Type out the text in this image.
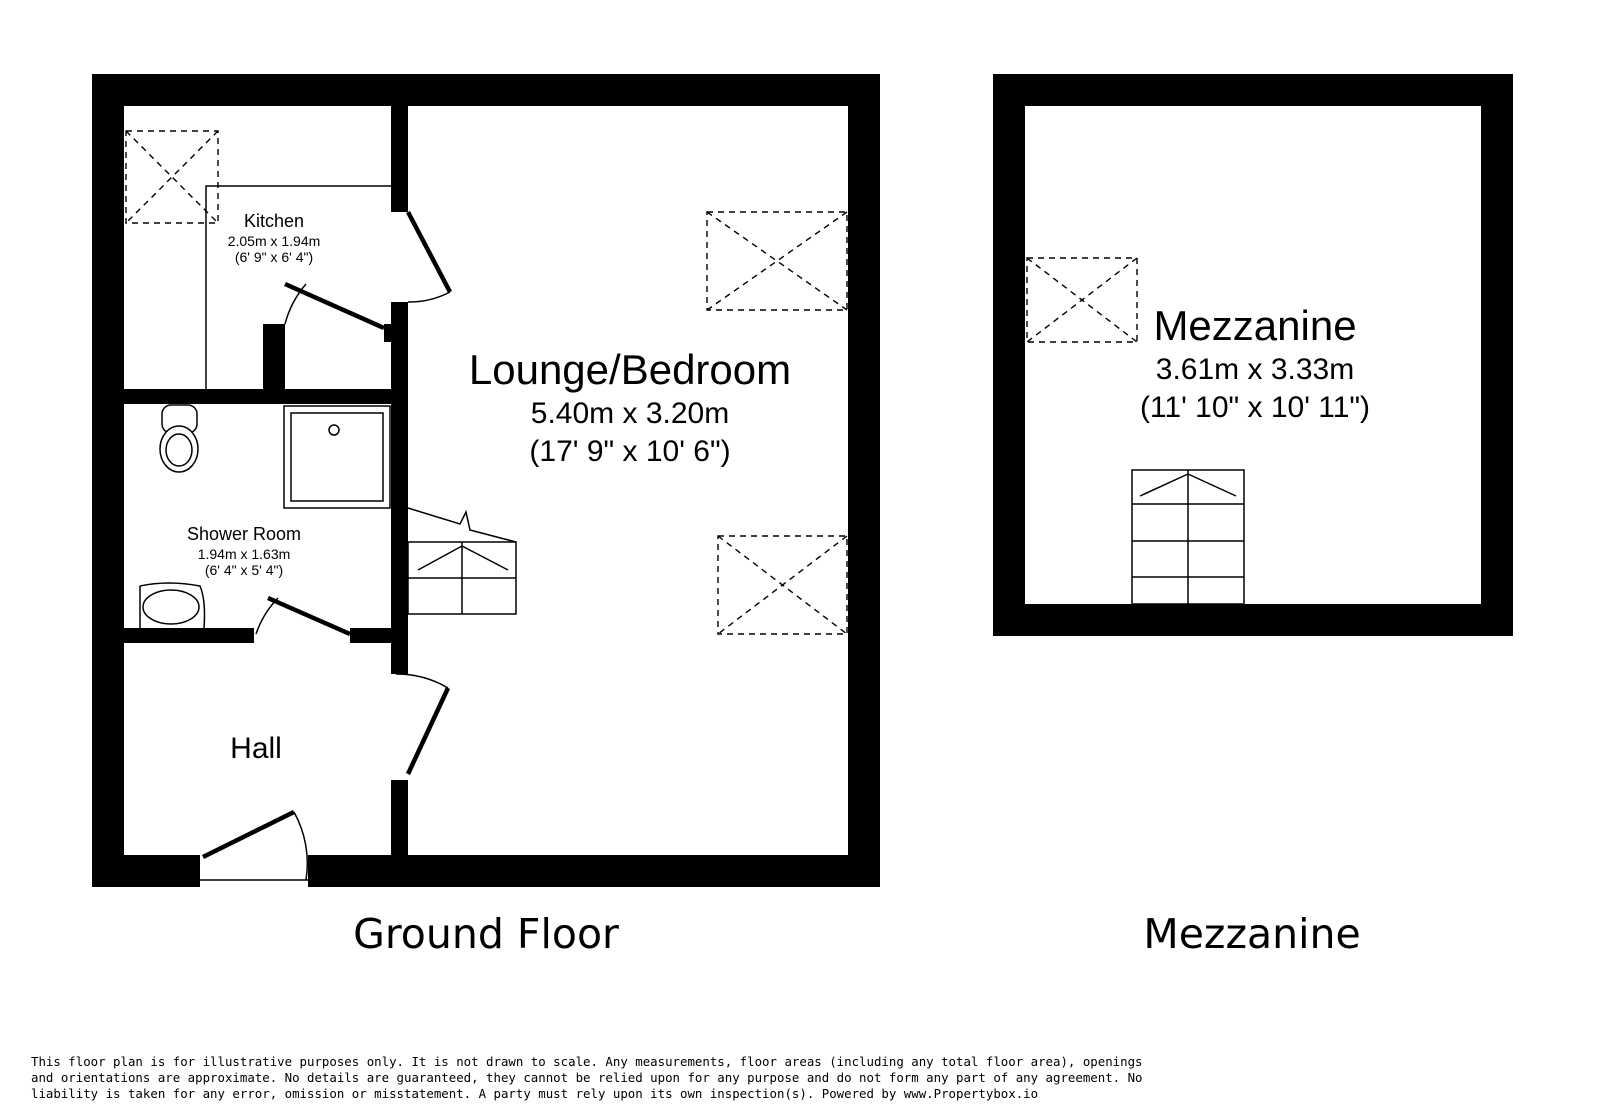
Kitchen
2.05m x 1.94m
(6' 9" x 6' 4")
Lounge/Bedroom
5.40m x 3.20m
(17' 9" x 10' 6")
Shower Room
1.94m x 1.63m
(6' 4" x 5' 4")
Hall
Mezzanine
3.61m x 3.33m
(11' 10" x 10' 11")
Ground Floor	Mezzanine
This floor plan is for illustrative purposes only. It is not drawn to scale. Any measurements, floor areas (including any total floor area), openings and orientations are approximate. No details are guaranteed, they cannot be relied upon for any purpose and do not form any part of any agreement. No liability is taken for any error, omission or misstatement. A party must rely upon its own inspection(s). Powered by www.Propertybox.io
